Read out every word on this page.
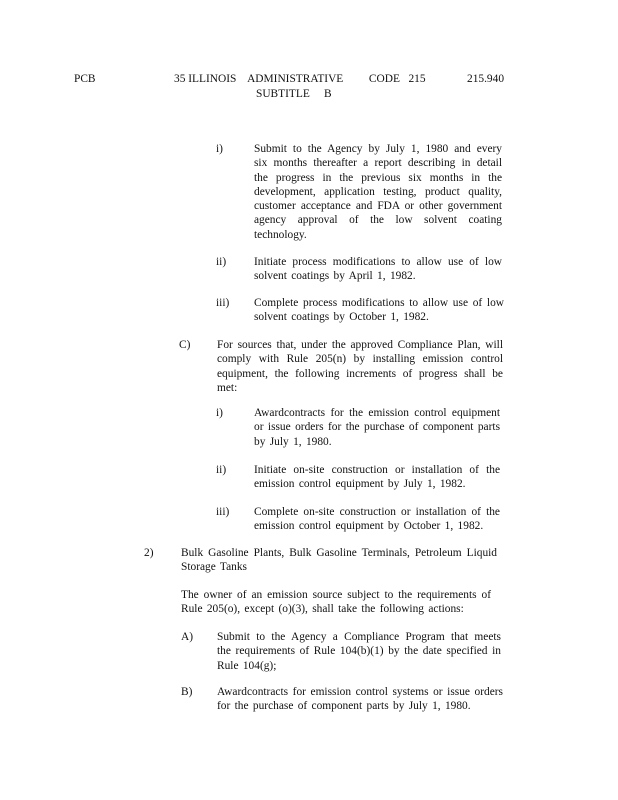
PCB	35 ILLINOIS    ADMINISTRATIVE         CODE   215
SUBTITLE     B
215.940
i)	Submit to the Agency by July 1, 1980 and every six months thereafter a report describing in detail the progress in the previous six months in the development, application testing, product quality, customer acceptance and FDA or other government agency approval of the low solvent coating technology.
ii) Initiate process modifications to allow use of low solvent coatings by April 1, 1982.
iii) Complete process modifications to allow use of low solvent coatings by October 1, 1982.
C) For sources that, under the approved Compliance Plan, will comply with Rule 205(n) by installing emission control equipment, the following increments of progress shall be met:
i)	Awardcontracts for the emission control equipment or issue orders for the purchase of component parts by July 1, 1980.
ii) Initiate on-site construction or installation of the emission control equipment by July 1, 1982.
iii) Complete on-site construction or installation of the emission control equipment by October 1, 1982.
2) Bulk Gasoline Plants, Bulk Gasoline Terminals, Petroleum Liquid Storage Tanks
The owner of an emission source subject to the requirements of Rule 205(o), except (o)(3), shall take the following actions:
A) Submit to the Agency a Compliance Program that meets the requirements of Rule 104(b)(1) by the date specified in Rule 104(g);
B) Awardcontracts for emission control systems or issue orders for the purchase of component parts by July 1, 1980.
